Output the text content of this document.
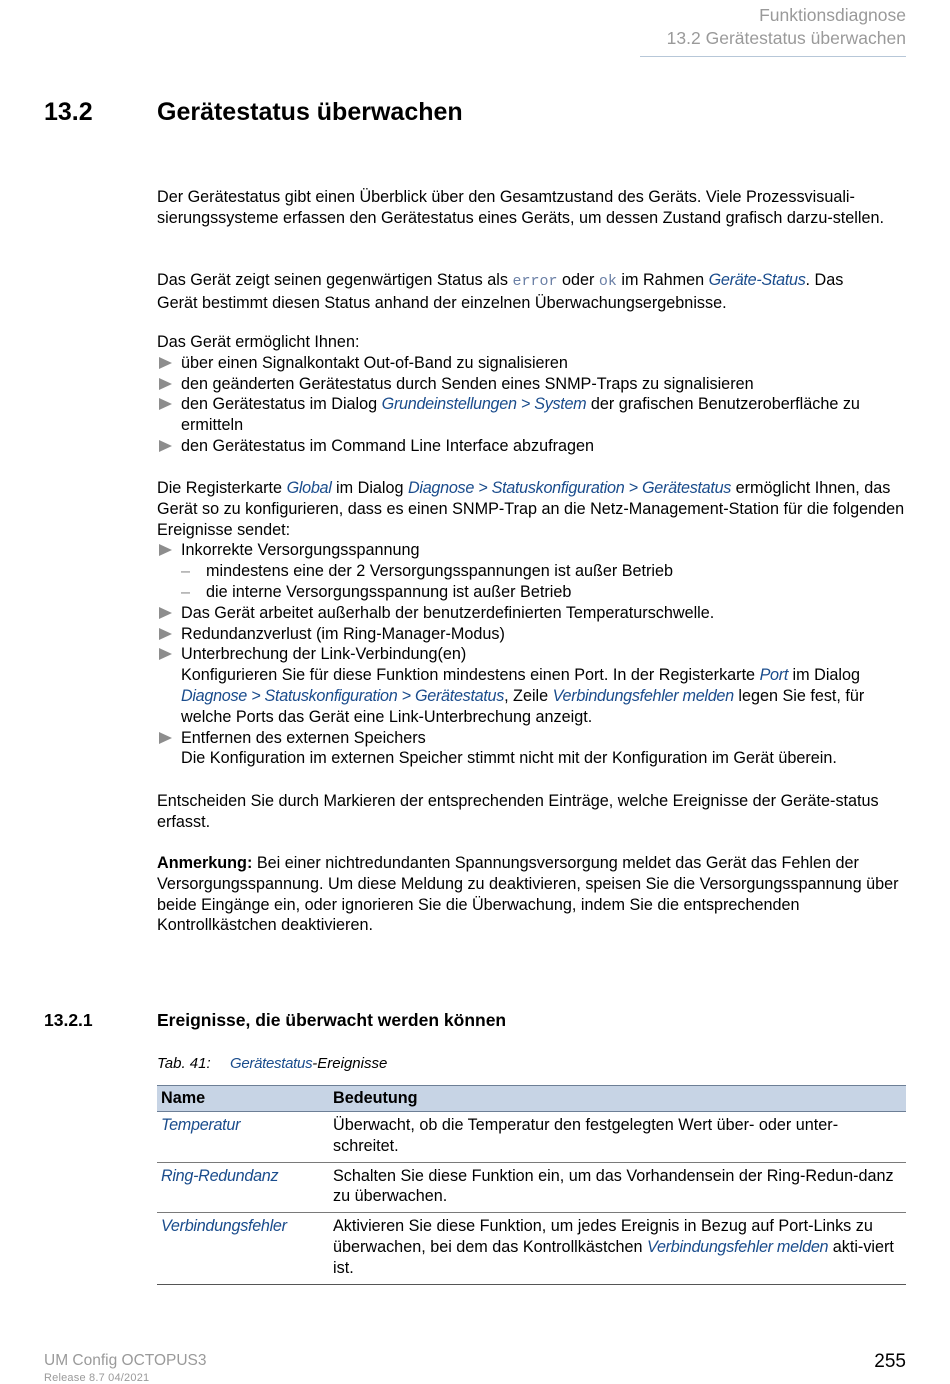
Funktionsdiagnose
13.2 Gerätestatus überwachen
13.2	Gerätestatus überwachen

Der Gerätestatus gibt einen Überblick über den Gesamtzustand des Geräts. Viele Prozessvisuali-sierungssysteme erfassen den Gerätestatus eines Geräts, um dessen Zustand grafisch darzu-stellen.

Das Gerät zeigt seinen gegenwärtigen Status als error oder ok im Rahmen Geräte-Status. Das Gerät bestimmt diesen Status anhand der einzelnen Überwachungsergebnisse.

Das Gerät ermöglicht Ihnen:

über einen Signalkontakt Out-of-Band zu signalisieren
den geänderten Gerätestatus durch Senden eines SNMP-Traps zu signalisieren
den Gerätestatus im Dialog Grundeinstellungen > System der grafischen Benutzeroberfläche zu ermitteln
den Gerätestatus im Command Line Interface abzufragen

Die Registerkarte Global im Dialog Diagnose > Statuskonfiguration > Gerätestatus ermöglicht Ihnen, das Gerät so zu konfigurieren, dass es einen SNMP-Trap an die Netz-Management-Station für die folgenden Ereignisse sendet:

Inkorrekte Versorgungsspannung
– mindestens eine der 2 Versorgungsspannungen ist außer Betrieb
– die interne Versorgungsspannung ist außer Betrieb
Das Gerät arbeitet außerhalb der benutzerdefinierten Temperaturschwelle.
Redundanzverlust (im Ring-Manager-Modus)
Unterbrechung der Link-Verbindung(en)
Konfigurieren Sie für diese Funktion mindestens einen Port. In der Registerkarte Port im Dialog Diagnose > Statuskonfiguration > Gerätestatus, Zeile Verbindungsfehler melden legen Sie fest, für welche Ports das Gerät eine Link-Unterbrechung anzeigt.
Entfernen des externen Speichers
Die Konfiguration im externen Speicher stimmt nicht mit der Konfiguration im Gerät überein.

Entscheiden Sie durch Markieren der entsprechenden Einträge, welche Ereignisse der Geräte-status erfasst.

Anmerkung: Bei einer nichtredundanten Spannungsversorgung meldet das Gerät das Fehlen der Versorgungsspannung. Um diese Meldung zu deaktivieren, speisen Sie die Versorgungsspannung über beide Eingänge ein, oder ignorieren Sie die Überwachung, indem Sie die entsprechenden Kontrollkästchen deaktivieren.

13.2.1	Ereignisse, die überwacht werden können
Tab. 41: Gerätestatus-Ereignisse
Name	Bedeutung
Temperatur	Überwacht, ob die Temperatur den festgelegten Wert über- oder unter-schreitet.
Ring-Redundanz	Schalten Sie diese Funktion ein, um das Vorhandensein der Ring-Redun-danz zu überwachen.
Verbindungsfehler	Aktivieren Sie diese Funktion, um jedes Ereignis in Bezug auf Port-Links zu überwachen, bei dem das Kontrollkästchen Verbindungsfehler melden akti-viert ist.
UM Config OCTOPUS3
Release 8.7 04/2021
255
